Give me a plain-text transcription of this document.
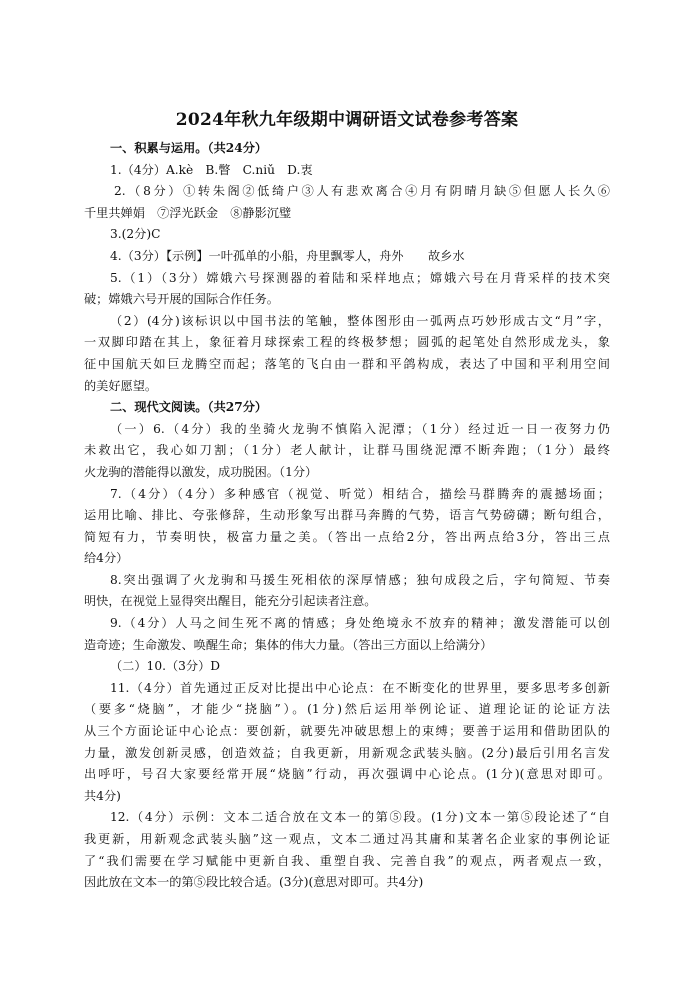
2024年秋九年级期中调研语文试卷参考答案
一、积累与运用。（共24分）
1.（4分）A.kè　B.瞥　C.niǔ　D.衷
2.（8分）①转朱阁②低绮户③人有悲欢离合④月有阴晴月缺⑤但愿人长久⑥
千里共婵娟　⑦浮光跃金　⑧静影沉璧
3.(2分)C
4.（3分）【示例】一叶孤单的小船，舟里飘零人，舟外　　故乡水
5.（1）（3分）嫦娥六号探测器的着陆和采样地点；嫦娥六号在月背采样的技术突
破；嫦娥六号开展的国际合作任务。
（2）(4分)该标识以中国书法的笔触，整体图形由一弧两点巧妙形成古文“月”字，
一双脚印踏在其上，象征着月球探索工程的终极梦想；圆弧的起笔处自然形成龙头，象
征中国航天如巨龙腾空而起；落笔的飞白由一群和平鸽构成，表达了中国和平利用空间
的美好愿望。
二、现代文阅读。（共27分）
（一）6.（4分）我的坐骑火龙驹不慎陷入泥潭；（1分）经过近一日一夜努力仍
未救出它，我心如刀割；（1分）老人献计，让群马围绕泥潭不断奔跑；（1分）最终
火龙驹的潜能得以激发，成功脱困。（1分）
7.（4分）（4分）多种感官（视觉、听觉）相结合，描绘马群腾奔的震撼场面；
运用比喻、排比、夸张修辞，生动形象写出群马奔腾的气势，语言气势磅礴；断句组合，
简短有力，节奏明快，极富力量之美。（答出一点给2分，答出两点给3分，答出三点
给4分）
8.突出强调了火龙驹和马援生死相依的深厚情感；独句成段之后，字句简短、节奏
明快，在视觉上显得突出醒目，能充分引起读者注意。
9.（4分）人马之间生死不离的情感；身处绝境永不放弃的精神；激发潜能可以创
造奇迹；生命激发、唤醒生命；集体的伟大力量。（答出三方面以上给满分）
（二）10.（3分）D
11.（4分）首先通过正反对比提出中心论点：在不断变化的世界里，要多思考多创新
（要多“烧脑”，才能少“挠脑”）。(1分)然后运用举例论证、道理论证的论证方法
从三个方面论证中心论点：要创新，就要先冲破思想上的束缚；要善于运用和借助团队的
力量，激发创新灵感，创造效益；自我更新，用新观念武装头脑。(2分)最后引用名言发
出呼吁，号召大家要经常开展“烧脑”行动，再次强调中心论点。(1分)(意思对即可。
共4分)
12.（4分）示例：文本二适合放在文本一的第⑤段。(1分)文本一第⑤段论述了“自
我更新，用新观念武装头脑”这一观点，文本二通过冯其庸和某著名企业家的事例论证
了“我们需要在学习赋能中更新自我、重塑自我、完善自我”的观点，两者观点一致，
因此放在文本一的第⑤段比较合适。(3分)(意思对即可。共4分)
